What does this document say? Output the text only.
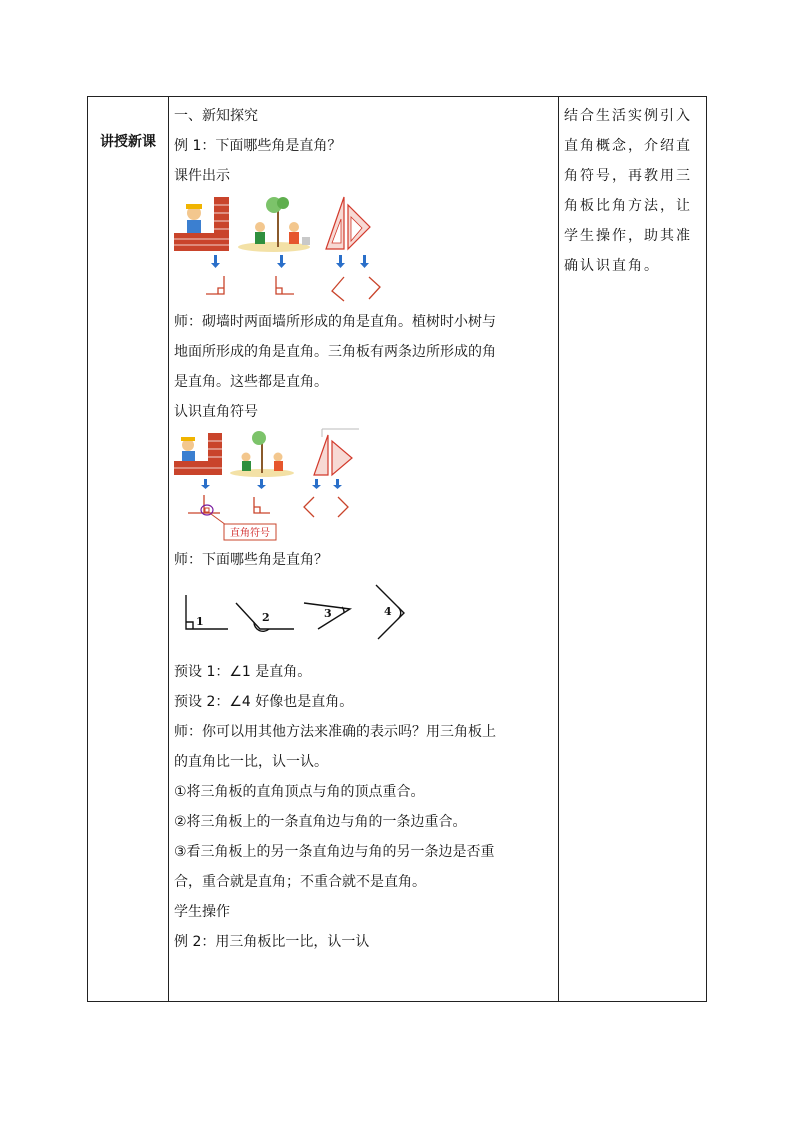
讲授新课
一、新知探究
例 1：下面哪些角是直角？
课件出示
师：砌墙时两面墙所形成的角是直角。植树时小树与
地面所形成的角是直角。三角板有两条边所形成的角
是直角。这些都是直角。
认识直角符号
直角符号
师：下面哪些角是直角？
1	2	3	4
预设 1：∠1 是直角。
预设 2：∠4 好像也是直角。
师：你可以用其他方法来准确的表示吗？用三角板上
的直角比一比，认一认。
①将三角板的直角顶点与角的顶点重合。
②将三角板上的一条直角边与角的一条边重合。
③看三角板上的另一条直角边与角的另一条边是否重
合，重合就是直角；不重合就不是直角。
学生操作
例 2：用三角板比一比，认一认
结合生活实例引入
直角概念，介绍直
角符号，再教用三
角板比角方法，让
学生操作，助其准
确认识直角。
